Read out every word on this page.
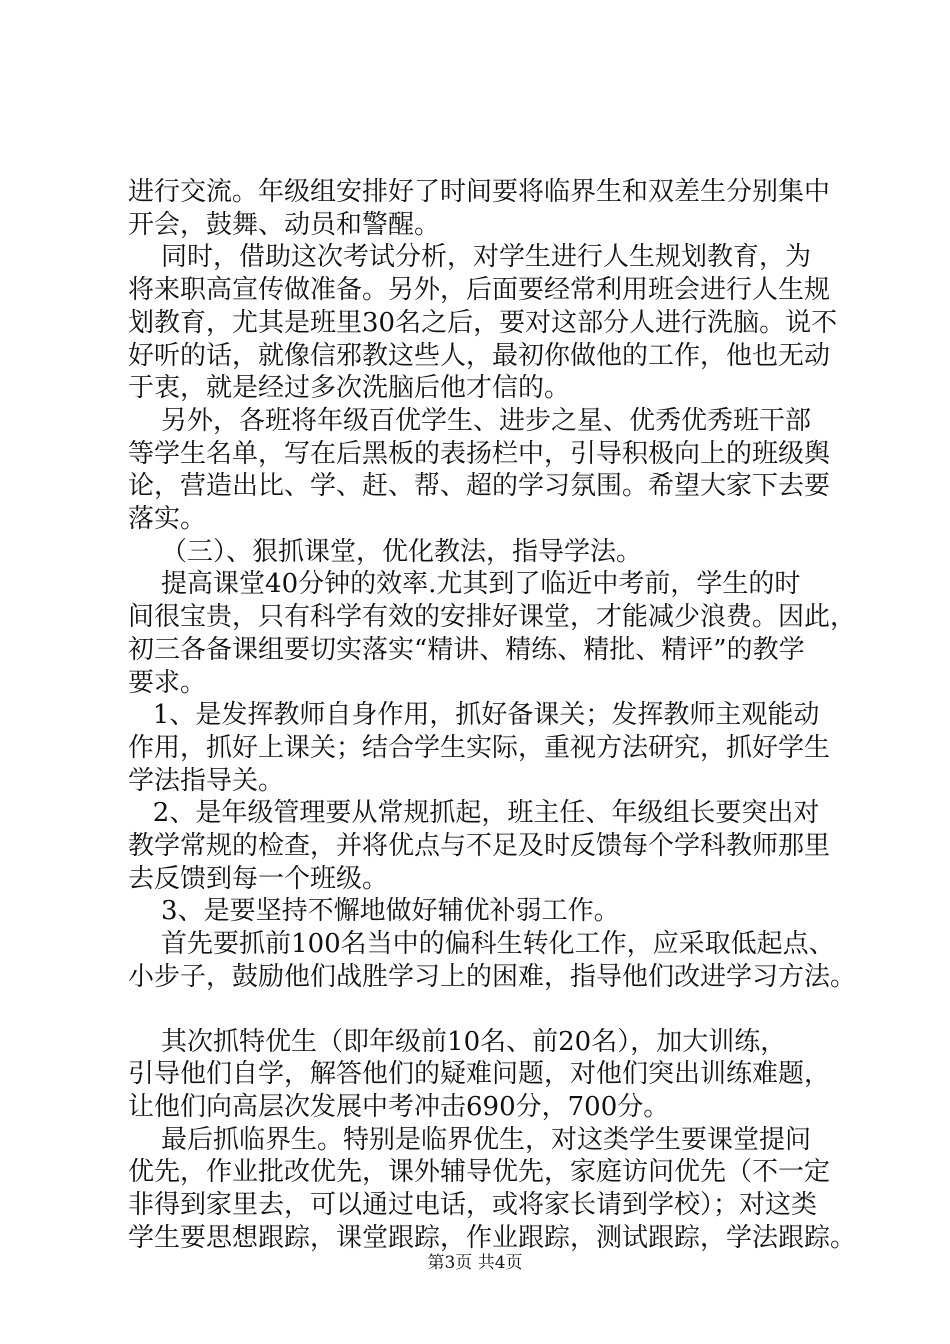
进行交流。年级组安排好了时间要将临界生和双差生分别集中
开会，鼓舞、动员和警醒。
同时，借助这次考试分析，对学生进行人生规划教育，为
将来职高宣传做准备。另外，后面要经常利用班会进行人生规
划教育，尤其是班里30名之后，要对这部分人进行洗脑。说不
好听的话，就像信邪教这些人，最初你做他的工作，他也无动
于衷，就是经过多次洗脑后他才信的。
另外，各班将年级百优学生、进步之星、优秀优秀班干部
等学生名单，写在后黑板的表扬栏中，引导积极向上的班级舆
论，营造出比、学、赶、帮、超的学习氛围。希望大家下去要
落实。
（三）、狠抓课堂，优化教法，指导学法。
提高课堂40分钟的效率.尤其到了临近中考前，学生的时
间很宝贵，只有科学有效的安排好课堂，才能减少浪费。因此，
初三各备课组要切实落实“精讲、精练、精批、精评”的教学
要求。
1、是发挥教师自身作用，抓好备课关；发挥教师主观能动
作用，抓好上课关；结合学生实际，重视方法研究，抓好学生
学法指导关。
2、是年级管理要从常规抓起，班主任、年级组长要突出对
教学常规的检查，并将优点与不足及时反馈每个学科教师那里
去反馈到每一个班级。
3、是要坚持不懈地做好辅优补弱工作。
首先要抓前100名当中的偏科生转化工作，应采取低起点、
小步子，鼓励他们战胜学习上的困难，指导他们改进学习方法。
其次抓特优生（即年级前10名、前20名），加大训练，
引导他们自学，解答他们的疑难问题，对他们突出训练难题，
让他们向高层次发展中考冲击690分，700分。
最后抓临界生。特别是临界优生，对这类学生要课堂提问
优先，作业批改优先，课外辅导优先，家庭访问优先（不一定
非得到家里去，可以通过电话，或将家长请到学校）；对这类
学生要思想跟踪，课堂跟踪，作业跟踪，测试跟踪，学法跟踪。
第3页 共4页
